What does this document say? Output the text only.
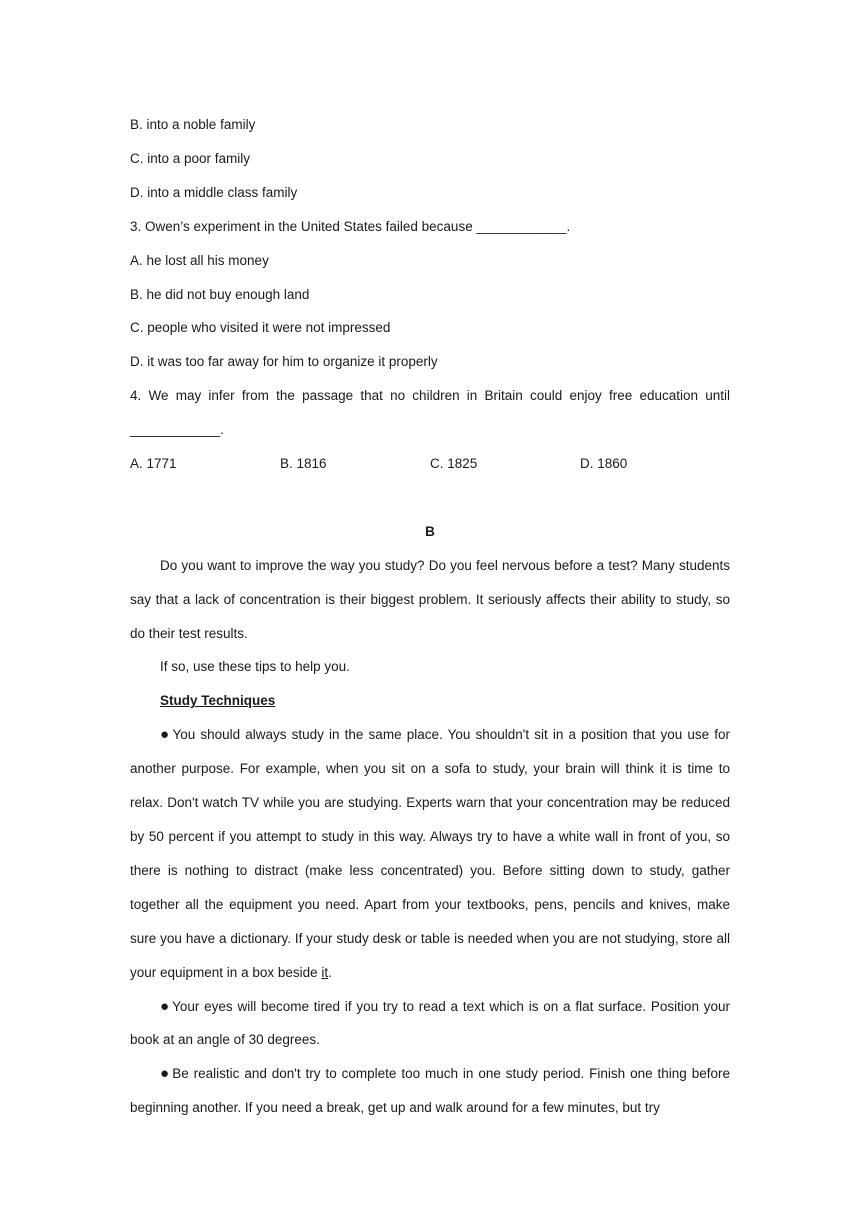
B. into a noble family

C. into a poor family

D. into a middle class family

3. Owen’s experiment in the United States failed because ____________.

A. he lost all his money

B. he did not buy enough land

C. people who visited it were not impressed

D. it was too far away for him to organize it properly

4. We may infer from the passage that no children in Britain could enjoy free education until

____________.

A. 1771	B. 1816	C. 1825	D. 1860

B

Do you want to improve the way you study? Do you feel nervous before a test? Many students say that a lack of concentration is their biggest problem. It seriously affects their ability to study, so do their test results.

If so, use these tips to help you.

Study Techniques

● You should always study in the same place. You shouldn't sit in a position that you use for another purpose. For example, when you sit on a sofa to study, your brain will think it is time to relax. Don't watch TV while you are studying. Experts warn that your concentration may be reduced by 50 percent if you attempt to study in this way. Always try to have a white wall in front of you, so there is nothing to distract (make less concentrated) you. Before sitting down to study, gather together all the equipment you need. Apart from your textbooks, pens, pencils and knives, make sure you have a dictionary. If your study desk or table is needed when you are not studying, store all your equipment in a box beside it.

● Your eyes will become tired if you try to read a text which is on a flat surface. Position your book at an angle of 30 degrees.

● Be realistic and don't try to complete too much in one study period. Finish one thing before beginning another. If you need a break, get up and walk around for a few minutes, but try
